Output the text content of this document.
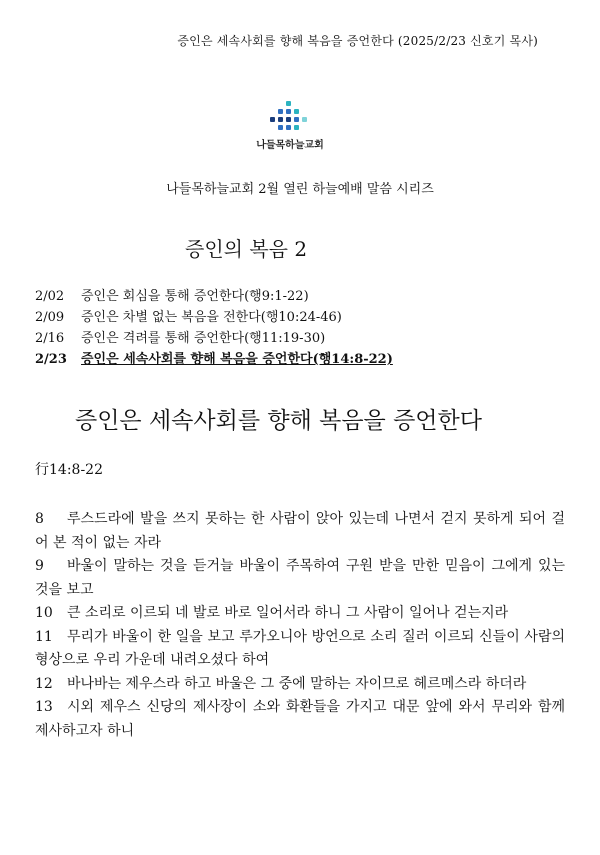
증인은 세속사회를 향해 복음을 증언한다 (2025/2/23 신호기 목사)
나들목하늘교회
나들목하늘교회 2월 열린 하늘예배 말씀 시리즈
증인의 복음 2
2/02 증인은 회심을 통해 증언한다(행9:1-22)
2/09 증인은 차별 없는 복음을 전한다(행10:24-46)
2/16 증인은 격려를 통해 증언한다(행11:19-30)
2/23 증인은 세속사회를 향해 복음을 증언한다(행14:8-22)
증인은 세속사회를 향해 복음을 증언한다
行14:8-22
8 루스드라에 발을 쓰지 못하는 한 사람이 앉아 있는데 나면서 걷지 못하게 되어 걸어 본 적이 없는 자라
9 바울이 말하는 것을 듣거늘 바울이 주목하여 구원 받을 만한 믿음이 그에게 있는 것을 보고
10 큰 소리로 이르되 네 발로 바로 일어서라 하니 그 사람이 일어나 걷는지라
11 무리가 바울이 한 일을 보고 루가오니아 방언으로 소리 질러 이르되 신들이 사람의 형상으로 우리 가운데 내려오셨다 하여
12 바나바는 제우스라 하고 바울은 그 중에 말하는 자이므로 헤르메스라 하더라
13 시외 제우스 신당의 제사장이 소와 화환들을 가지고 대문 앞에 와서 무리와 함께 제사하고자 하니
